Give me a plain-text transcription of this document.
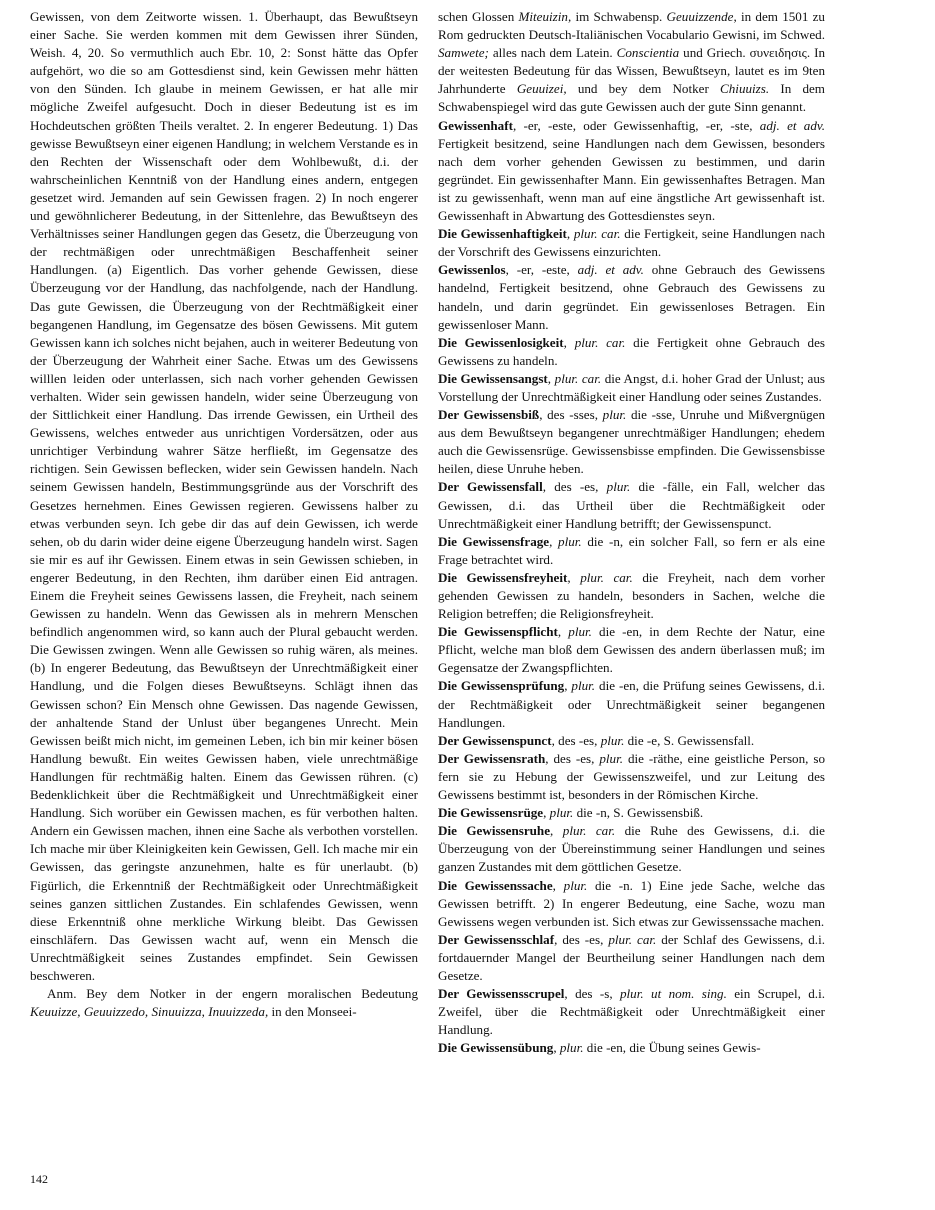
Gewissen, von dem Zeitworte wissen. 1. Überhaupt, das Bewußtseyn einer Sache. Sie werden kommen mit dem Gewissen ihrer Sünden, Weish. 4, 20. So vermuthlich auch Ebr. 10, 2: Sonst hätte das Opfer aufgehört, wo die so am Gottesdienst sind, kein Gewissen mehr hätten von den Sünden. Ich glaube in meinem Gewissen, er hat alle mir mögliche Zweifel aufgesucht. Doch in dieser Bedeutung ist es im Hochdeutschen größten Theils veraltet. 2. In engerer Bedeutung. 1) Das gewisse Bewußtseyn einer eigenen Handlung; in welchem Verstande es in den Rechten der Wissenschaft oder dem Wohlbewußt, d.i. der wahrscheinlichen Kenntniß von der Handlung eines andern, entgegen gesetzet wird. Jemanden auf sein Gewissen fragen. 2) In noch engerer und gewöhnlicherer Bedeutung, in der Sittenlehre, das Bewußtseyn des Verhältnisses seiner Handlungen gegen das Gesetz, die Überzeugung von der rechtmäßigen oder unrechtmäßigen Beschaffenheit seiner Handlungen. (a) Eigentlich. Das vorher gehende Gewissen, diese Überzeugung vor der Handlung, das nachfolgende, nach der Handlung. Das gute Gewissen, die Überzeugung von der Rechtmäßigkeit einer begangenen Handlung, im Gegensatze des bösen Gewissens. Mit gutem Gewissen kann ich solches nicht bejahen, auch in weiterer Bedeutung von der Überzeugung der Wahrheit einer Sache. Etwas um des Gewissens willlen leiden oder unterlassen, sich nach vorher gehenden Gewissen verhalten. Wider sein gewissen handeln, wider seine Überzeugung von der Sittlichkeit einer Handlung. Das irrende Gewissen, ein Urtheil des Gewissens, welches entweder aus unrichtigen Vordersätzen, oder aus unrichtiger Verbindung wahrer Sätze herfließt, im Gegensatze des richtigen. Sein Gewissen beflecken, wider sein Gewissen handeln. Nach seinem Gewissen handeln, Bestimmungsgründe aus der Vorschrift des Gesetzes hernehmen. Eines Gewissen regieren. Gewissens halber zu etwas verbunden seyn. Ich gebe dir das auf dein Gewissen, ich werde sehen, ob du darin wider deine eigene Überzeugung handeln wirst. Sagen sie mir es auf ihr Gewissen. Einem etwas in sein Gewissen schieben, in engerer Bedeutung, in den Rechten, ihm darüber einen Eid antragen. Einem die Freyheit seines Gewissens lassen, die Freyheit, nach seinem Gewissen zu handeln. Wenn das Gewissen als in mehrern Menschen befindlich angenommen wird, so kann auch der Plural gebaucht werden. Die Gewissen zwingen. Wenn alle Gewissen so ruhig wären, als meines. (b) In engerer Bedeutung, das Bewußtseyn der Unrechtmäßigkeit einer Handlung, und die Folgen dieses Bewußtseyns. Schlägt ihnen das Gewissen schon? Ein Mensch ohne Gewissen. Das nagende Gewissen, der anhaltende Stand der Unlust über begangenes Unrecht. Mein Gewissen beißt mich nicht, im gemeinen Leben, ich bin mir keiner bösen Handlung bewußt. Ein weites Gewissen haben, viele unrechtmäßige Handlungen für rechtmäßig halten. Einem das Gewissen rühren. (c) Bedenklichkeit über die Rechtmäßigkeit und Unrechtmäßigkeit einer Handlung. Sich worüber ein Gewissen machen, es für verbothen halten. Andern ein Gewissen machen, ihnen eine Sache als verbothen vorstellen. Ich mache mir über Kleinigkeiten kein Gewissen, Gell. Ich mache mir ein Gewissen, das geringste anzunehmen, halte es für unerlaubt. (b) Figürlich, die Erkenntniß der Rechtmäßigkeit oder Unrechtmäßigkeit seines ganzen sittlichen Zustandes. Ein schlafendes Gewissen, wenn diese Erkenntniß ohne merkliche Wirkung bleibt. Das Gewissen einschläfern. Das Gewissen wacht auf, wenn ein Mensch die Unrechtmäßigkeit seines Zustandes empfindet. Sein Gewissen beschweren.

Anm. Bey dem Notker in der engern moralischen Bedeutung Keuuizze, Geuuizzedo, Sinuuizza, Inuuizzeda, in den Monseei-

schen Glossen Miteuizin, im Schwabensp. Geuuizzende, in dem 1501 zu Rom gedruckten Deutsch-Italiänischen Vocabulario Gewisni, im Schwed. Samwete; alles nach dem Latein. Conscientia und Griech. συνειδησις. In der weitesten Bedeutung für das Wissen, Bewußtseyn, lautet es im 9ten Jahrhunderte Geuuizei, und bey dem Notker Chiuuizs. In dem Schwabenspiegel wird das gute Gewissen auch der gute Sinn genannt.

Gewissenhaft, -er, -este, oder Gewissenhaftig, -er, -ste, adj. et adv. Fertigkeit besitzend, seine Handlungen nach dem Gewissen, besonders nach dem vorher gehenden Gewissen zu bestimmen, und darin gegründet. Ein gewissenhafter Mann. Ein gewissenhaftes Betragen. Man ist zu gewissenhaft, wenn man auf eine ängstliche Art gewissenhaft ist. Gewissenhaft in Abwartung des Gottesdienstes seyn.

Die Gewissenhaftigkeit, plur. car. die Fertigkeit, seine Handlungen nach der Vorschrift des Gewissens einzurichten.

Gewissenlos, -er, -este, adj. et adv. ohne Gebrauch des Gewissens handelnd, Fertigkeit besitzend, ohne Gebrauch des Gewissens zu handeln, und darin gegründet. Ein gewissenloses Betragen. Ein gewissenloser Mann.

Die Gewissenlosigkeit, plur. car. die Fertigkeit ohne Gebrauch des Gewissens zu handeln.

Die Gewissensangst, plur. car. die Angst, d.i. hoher Grad der Unlust; aus Vorstellung der Unrechtmäßigkeit einer Handlung oder seines Zustandes.

Der Gewissensbiß, des -sses, plur. die -sse, Unruhe und Mißvergnügen aus dem Bewußtseyn begangener unrechtmäßiger Handlungen; ehedem auch die Gewissensrüge. Gewissensbisse empfinden. Die Gewissensbisse heilen, diese Unruhe heben.

Der Gewissensfall, des -es, plur. die -fälle, ein Fall, welcher das Gewissen, d.i. das Urtheil über die Rechtmäßigkeit oder Unrechtmäßigkeit einer Handlung betrifft; der Gewissenspunct.

Die Gewissensfrage, plur. die -n, ein solcher Fall, so fern er als eine Frage betrachtet wird.

Die Gewissensfreyheit, plur. car. die Freyheit, nach dem vorher gehenden Gewissen zu handeln, besonders in Sachen, welche die Religion betreffen; die Religionsfreyheit.

Die Gewissenspflicht, plur. die -en, in dem Rechte der Natur, eine Pflicht, welche man bloß dem Gewissen des andern überlassen muß; im Gegensatze der Zwangspflichten.

Die Gewissensprüfung, plur. die -en, die Prüfung seines Gewissens, d.i. der Rechtmäßigkeit oder Unrechtmäßigkeit seiner begangenen Handlungen.

Der Gewissenspunct, des -es, plur. die -e, S. Gewissensfall.

Der Gewissensrath, des -es, plur. die -räthe, eine geistliche Person, so fern sie zu Hebung der Gewissenszweifel, und zur Leitung des Gewissens bestimmt ist, besonders in der Römischen Kirche.

Die Gewissensrüge, plur. die -n, S. Gewissensbiß.

Die Gewissensruhe, plur. car. die Ruhe des Gewissens, d.i. die Überzeugung von der Übereinstimmung seiner Handlungen und seines ganzen Zustandes mit dem göttlichen Gesetze.

Die Gewissenssache, plur. die -n. 1) Eine jede Sache, welche das Gewissen betrifft. 2) In engerer Bedeutung, eine Sache, wozu man Gewissens wegen verbunden ist. Sich etwas zur Gewissenssache machen.

Der Gewissensschlaf, des -es, plur. car. der Schlaf des Gewissens, d.i. fortdauernder Mangel der Beurtheilung seiner Handlungen nach dem Gesetze.

Der Gewissensscrupel, des -s, plur. ut nom. sing. ein Scrupel, d.i. Zweifel, über die Rechtmäßigkeit oder Unrechtmäßigkeit einer Handlung.

Die Gewissensübung, plur. die -en, die Übung seines Gewis-

142
